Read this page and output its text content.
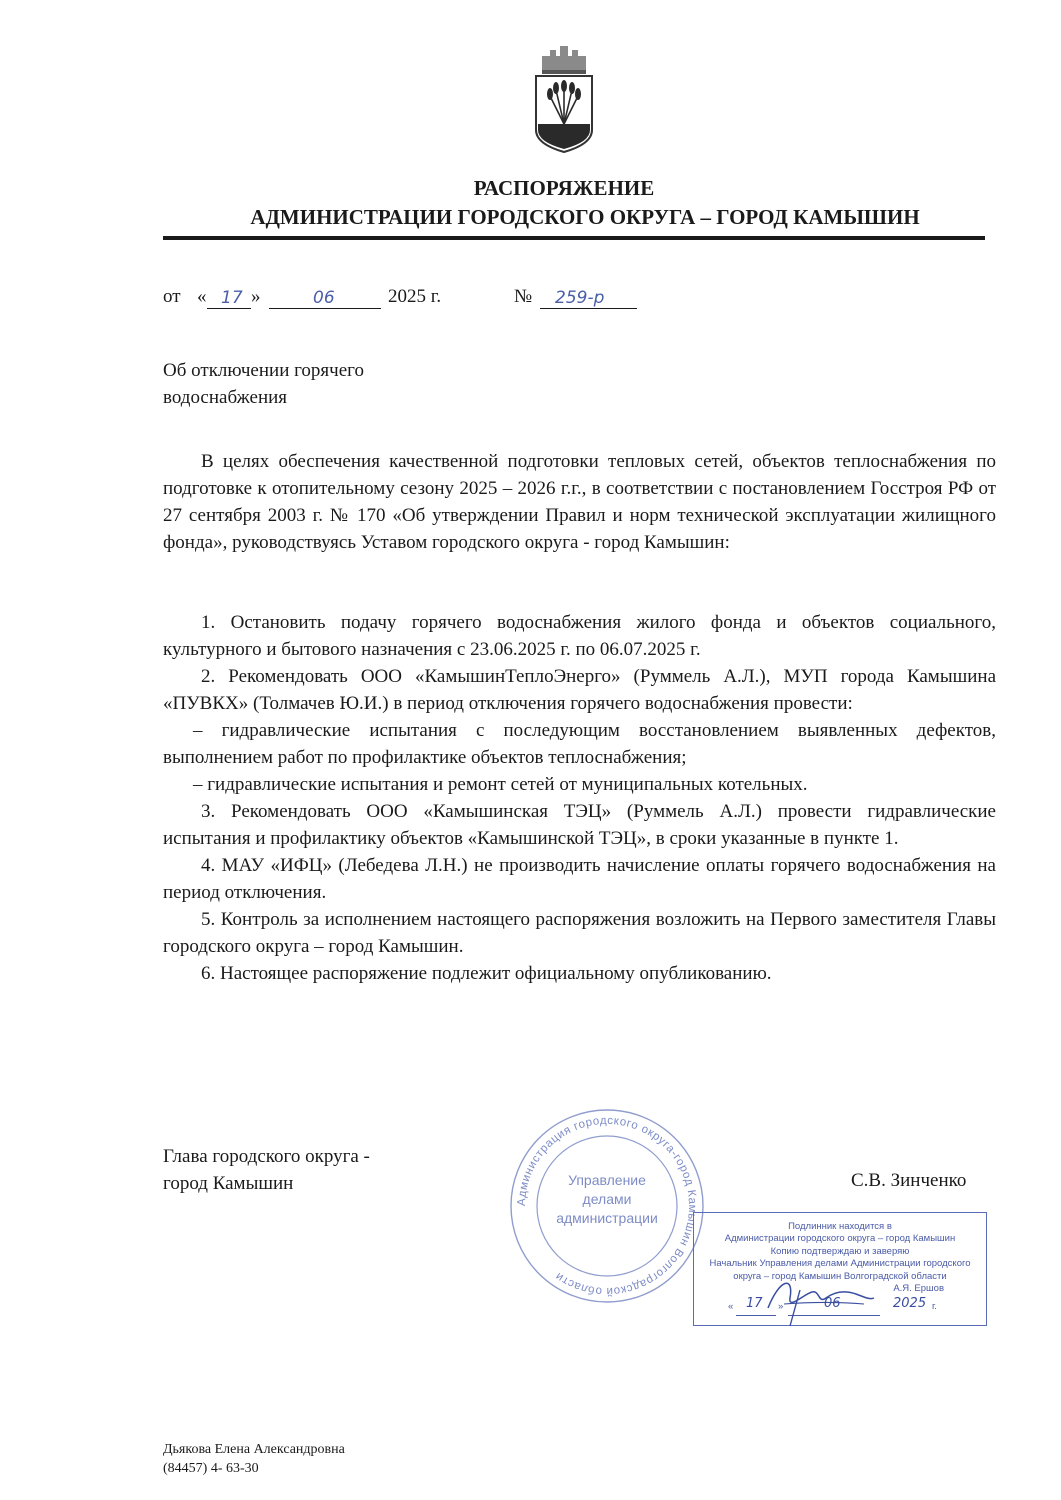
РАСПОРЯЖЕНИЕ
АДМИНИСТРАЦИИ ГОРОДСКОГО ОКРУГА – ГОРОД КАМЫШИН
от « 17 »	06	2025 г.	№ 259-р
Об отключении горячего
водоснабжения

В целях обеспечения качественной подготовки тепловых сетей, объектов теплоснабжения по подготовке к отопительному сезону 2025 – 2026 г.г., в соответствии с постановлением Госстроя РФ от 27 сентября 2003 г. № 170 «Об утверждении Правил и норм технической эксплуатации жилищного фонда», руководствуясь Уставом городского округа - город Камышин:

1. Остановить подачу горячего водоснабжения жилого фонда и объектов социального, культурного и бытового назначения с 23.06.2025 г. по 06.07.2025 г.

2. Рекомендовать ООО «КамышинТеплоЭнерго» (Руммель А.Л.), МУП города Камышина «ПУВКХ» (Толмачев Ю.И.) в период отключения горячего водоснабжения провести:

– гидравлические испытания с последующим восстановлением выявленных дефектов, выполнением работ по профилактике объектов теплоснабжения;

– гидравлические испытания и ремонт сетей от муниципальных котельных.

3. Рекомендовать ООО «Камышинская ТЭЦ» (Руммель А.Л.) провести гидравлические испытания и профилактику объектов «Камышинской ТЭЦ», в сроки указанные в пункте 1.

4. МАУ «ИФЦ» (Лебедева Л.Н.) не производить начисление оплаты горячего водоснабжения на период отключения.

5. Контроль за исполнением настоящего распоряжения возложить на Первого заместителя Главы городского округа – город Камышин.

6. Настоящее распоряжение подлежит официальному опубликованию.

Глава городского округа -
город Камышин	С.В. Зинченко
Администрация городского округа-город Камышин Волгоградской области
Управление
делами
администрации
Подлинник находится в
Администрации городского округа – город Камышин
Копию подтверждаю и заверяю
Начальник Управления делами Администрации городского
округа – город Камышин Волгоградской области
А.Я. Ершов
« 17 »	06	2025 г.
Дьякова Елена Александровна
(84457) 4- 63-30
